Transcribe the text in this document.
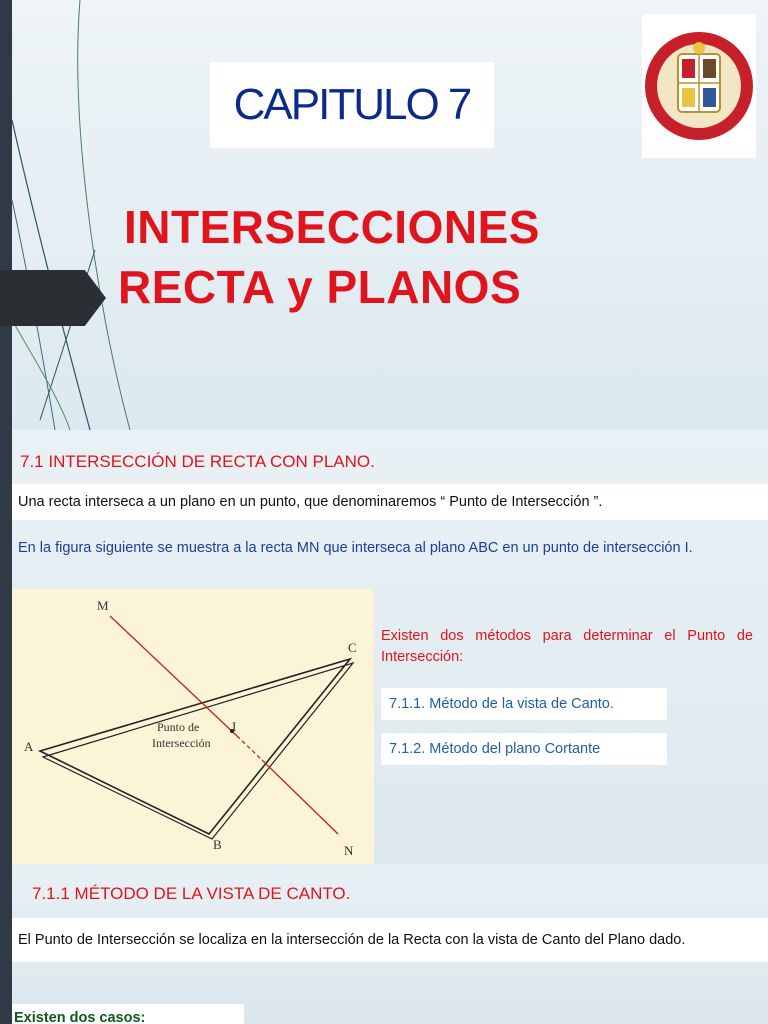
CAPITULO 7
INTERSECCIONES
RECTA y PLANOS
7.1 INTERSECCIÓN DE RECTA CON PLANO.
Una recta interseca a un plano en un punto, que denominaremos “ Punto de Intersección ”.
En la figura siguiente se muestra a la recta MN que interseca al plano ABC en un punto de intersección I.
M
N
A
B
C
I
Punto de
Intersección
Existen dos métodos para determinar el Punto de Intersección:
7.1.1. Método de la vista de Canto.
7.1.2. Método del plano Cortante
7.1.1 MÉTODO DE LA VISTA DE CANTO.
El Punto de Intersección se localiza en la intersección de la Recta con la vista de Canto del Plano dado.
Existen dos casos:
